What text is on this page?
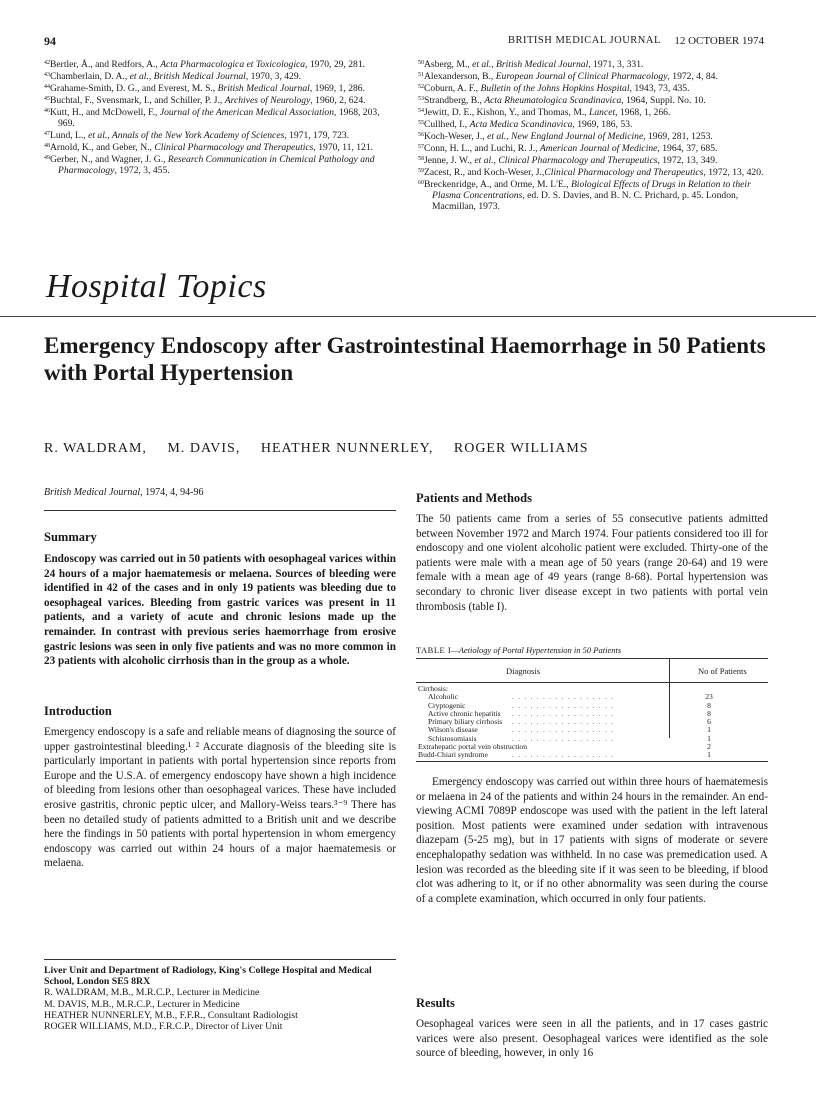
94	BRITISH MEDICAL JOURNAL 12 OCTOBER 1974
$^{42}$Bertler, Å., and Redfors, A., Acta Pharmacologica et Toxicologica, 1970, 29, 281.
$^{43}$Chamberlain, D. A., et al., British Medical Journal, 1970, 3, 429.
$^{44}$Grahame-Smith, D. G., and Everest, M. S., British Medical Journal, 1969, 1, 286.
$^{45}$Buchtal, F., Svensmark, I., and Schiller, P. J., Archives of Neurology, 1960, 2, 624.
$^{46}$Kutt, H., and McDowell, F., Journal of the American Medical Association, 1968, 203, 969.
$^{47}$Lund, L., et al., Annals of the New York Academy of Sciences, 1971, 179, 723.
$^{48}$Arnold, K., and Geber, N., Clinical Pharmacology and Therapeutics, 1970, 11, 121.
$^{49}$Gerber, N., and Wagner, J. G., Research Communication in Chemical Pathology and Pharmacology, 1972, 3, 455.
$^{50}$Asberg, M., et al., British Medical Journal, 1971, 3, 331.
$^{51}$Alexanderson, B., European Journal of Clinical Pharmacology, 1972, 4, 84.
$^{52}$Coburn, A. F., Bulletin of the Johns Hopkins Hospital, 1943, 73, 435.
$^{53}$Strandberg, B., Acta Rheumatologica Scandinavica, 1964, Suppl. No. 10.
$^{54}$Jewitt, D. E., Kishon, Y., and Thomas, M., Lancet, 1968, 1, 266.
$^{55}$Cullhed, I., Acta Medica Scandinavica, 1969, 186, 53.
$^{56}$Koch-Weser, J., et al., New England Journal of Medicine, 1969, 281, 1253.
$^{57}$Conn, H. L., and Luchi, R. J., American Journal of Medicine, 1964, 37, 685.
$^{58}$Jenne, J. W., et al., Clinical Pharmacology and Therapeutics, 1972, 13, 349.
$^{59}$Zacest, R., and Koch-Weser, J.,Clinical Pharmacology and Therapeutics, 1972, 13, 420.
$^{60}$Breckenridge, A., and Orme, M. L'E., Biological Effects of Drugs in Relation to their Plasma Concentrations, ed. D. S. Davies, and B. N. C. Prichard, p. 45. London, Macmillan, 1973.
Hospital Topics
Emergency Endoscopy after Gastrointestinal Haemorrhage in 50 Patients with Portal Hypertension
R. WALDRAM, M. DAVIS, HEATHER NUNNERLEY, ROGER WILLIAMS
British Medical Journal, 1974, 4, 94-96
Summary

Endoscopy was carried out in 50 patients with oesophageal varices within 24 hours of a major haematemesis or melaena. Sources of bleeding were identified in 42 of the cases and in only 19 patients was bleeding due to oesophageal varices. Bleeding from gastric varices was present in 11 patients, and a variety of acute and chronic lesions made up the remainder. In contrast with previous series haemorrhage from erosive gastric lesions was seen in only five patients and was no more common in 23 patients with alcoholic cirrhosis than in the group as a whole.

Introduction

Emergency endoscopy is a safe and reliable means of diagnosing the source of upper gastrointestinal bleeding.¹ ² Accurate diagnosis of the bleeding site is particularly important in patients with portal hypertension since reports from Europe and the U.S.A. of emergency endoscopy have shown a high incidence of bleeding from lesions other than oesophageal varices. These have included erosive gastritis, chronic peptic ulcer, and Mallory-Weiss tears.³⁻⁹ There has been no detailed study of patients admitted to a British unit and we describe here the findings in 50 patients with portal hypertension in whom emergency endoscopy was carried out within 24 hours of a major haematemesis or melaena.

Liver Unit and Department of Radiology, King's College Hospital and Medical School, London SE5 8RX
R. WALDRAM, M.B., M.R.C.P., Lecturer in Medicine
M. DAVIS, M.B., M.R.C.P., Lecturer in Medicine
HEATHER NUNNERLEY, M.B., F.F.R., Consultant Radiologist
ROGER WILLIAMS, M.D., F.R.C.P., Director of Liver Unit
Patients and Methods

The 50 patients came from a series of 55 consecutive patients admitted between November 1972 and March 1974. Four patients considered too ill for endoscopy and one violent alcoholic patient were excluded. Thirty-one of the patients were male with a mean age of 50 years (range 20-64) and 19 were female with a mean age of 49 years (range 8-68). Portal hypertension was secondary to chronic liver disease except in two patients with portal vein thrombosis (table I).

TABLE I—Aetiology of Portal Hypertension in 50 Patients
Diagnosis	No of Patients
Cirrhosis:
Alcoholic	. . . . . . . . . . . . . . . . .	23
Cryptogenic	. . . . . . . . . . . . . . . . .	8
Active chronic hepatitis . . . . . . . . . . . . . . . . .	8
Primary biliary cirrhosis . . . . . . . . . . . . . . . . .	6
Wilson's disease	. . . . . . . . . . . . . . . . .	1
Schistosomiasis	. . . . . . . . . . . . . . . . .	1
Extrahepatic portal vein obstruction	2
Budd-Chiari syndrome	. . . . . . . . . . . . . . . . .	1

Emergency endoscopy was carried out within three hours of haematemesis or melaena in 24 of the patients and within 24 hours in the remainder. An end-viewing ACMI 7089P endoscope was used with the patient in the left lateral position. Most patients were examined under sedation with intravenous diazepam (5-25 mg), but in 17 patients with signs of moderate or severe encephalopathy sedation was withheld. In no case was premedication used. A lesion was recorded as the bleeding site if it was seen to be bleeding, if blood clot was adhering to it, or if no other abnormality was seen during the course of a complete examination, which occurred in only four patients.

Results

Oesophageal varices were seen in all the patients, and in 17 cases gastric varices were also present. Oesophageal varices were identified as the sole source of bleeding, however, in only 16
